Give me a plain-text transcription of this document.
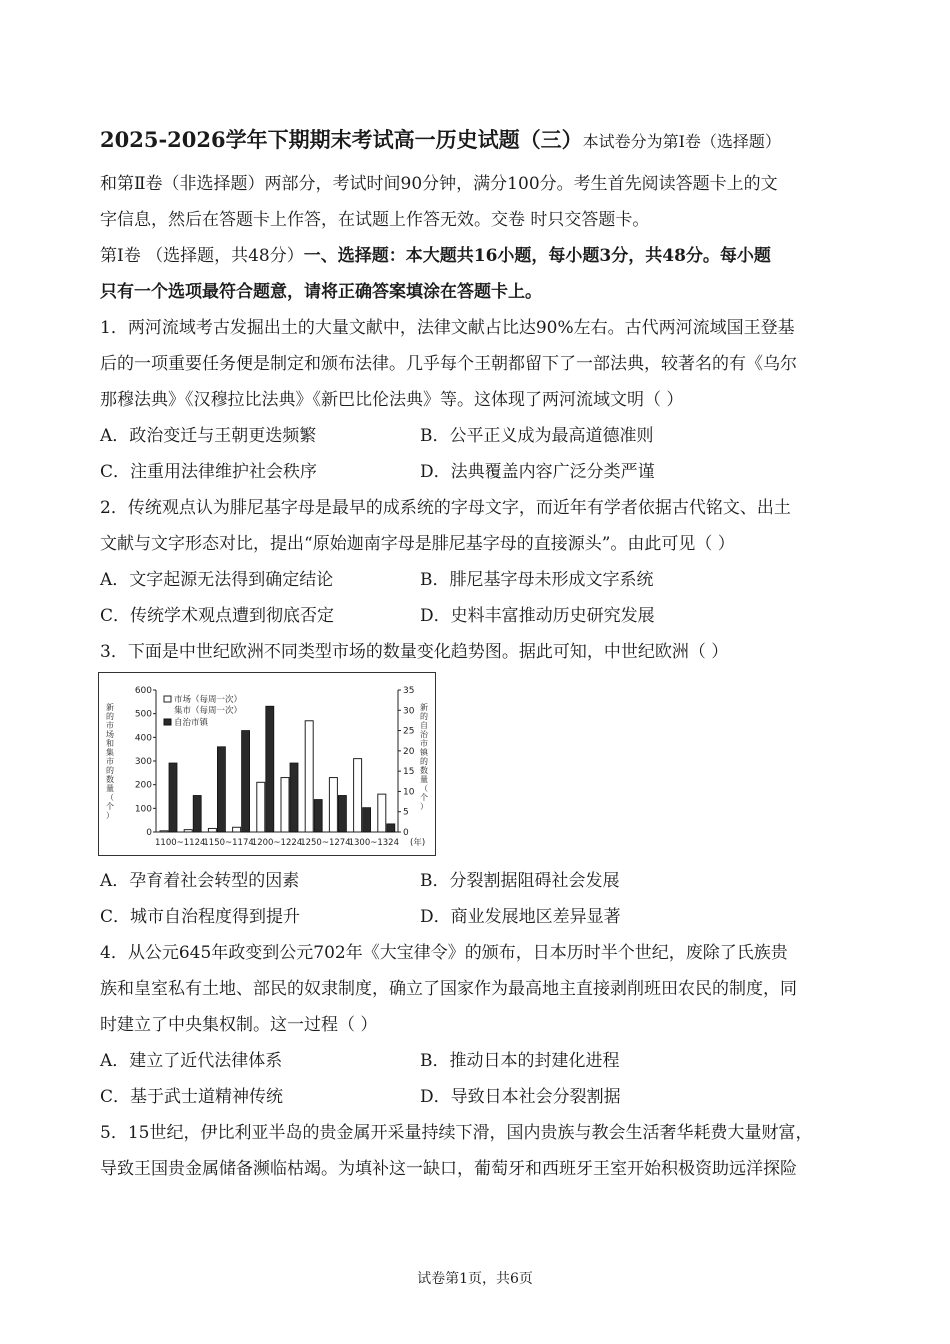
2025-2026学年下期期末考试高一历史试题（三）本试卷分为第Ⅰ卷（选择题）
和第Ⅱ卷（非选择题）两部分，考试时间90分钟，满分100分。考生首先阅读答题卡上的文
字信息，然后在答题卡上作答，在试题上作答无效。交卷 时只交答题卡。
第Ⅰ卷 （选择题，共48分）一、选择题：本大题共16小题，每小题3分，共48分。每小题
只有一个选项最符合题意，请将正确答案填涂在答题卡上。
1．两河流域考古发掘出土的大量文献中，法律文献占比达90%左右。古代两河流域国王登基
后的一项重要任务便是制定和颁布法律。几乎每个王朝都留下了一部法典，较著名的有《乌尔
那穆法典》《汉穆拉比法典》《新巴比伦法典》等。这体现了两河流域文明（ ）
A．政治变迁与王朝更迭频繁	B．公平正义成为最高道德准则
C．注重用法律维护社会秩序	D．法典覆盖内容广泛分类严谨
2．传统观点认为腓尼基字母是最早的成系统的字母文字，而近年有学者依据古代铭文、出土
文献与文字形态对比，提出“原始迦南字母是腓尼基字母的直接源头”。由此可见（ ）
A．文字起源无法得到确定结论	B．腓尼基字母未形成文字系统
C．传统学术观点遭到彻底否定	D．史料丰富推动历史研究发展
3．下面是中世纪欧洲不同类型市场的数量变化趋势图。据此可知，中世纪欧洲（ ）
0
100
200
300
400
500
600
0
5
10
15
20
25
30
35
1100~1124
1150~1174
1200~1224
1250~1274
1300~1324 (年)
新的市场和集市的数量（个）
新的自治市镇的数量（个）
市场（每周一次）
集市（每周一次）
自治市镇
A．孕育着社会转型的因素	B．分裂割据阻碍社会发展
C．城市自治程度得到提升	D．商业发展地区差异显著
4．从公元645年政变到公元702年《大宝律令》的颁布，日本历时半个世纪，废除了氏族贵
族和皇室私有土地、部民的奴隶制度，确立了国家作为最高地主直接剥削班田农民的制度，同
时建立了中央集权制。这一过程（ ）
A．建立了近代法律体系	B．推动日本的封建化进程
C．基于武士道精神传统	D．导致日本社会分裂割据
5．15世纪，伊比利亚半岛的贵金属开采量持续下滑，国内贵族与教会生活奢华耗费大量财富，
导致王国贵金属储备濒临枯竭。为填补这一缺口，葡萄牙和西班牙王室开始积极资助远洋探险
试卷第1页，共6页
